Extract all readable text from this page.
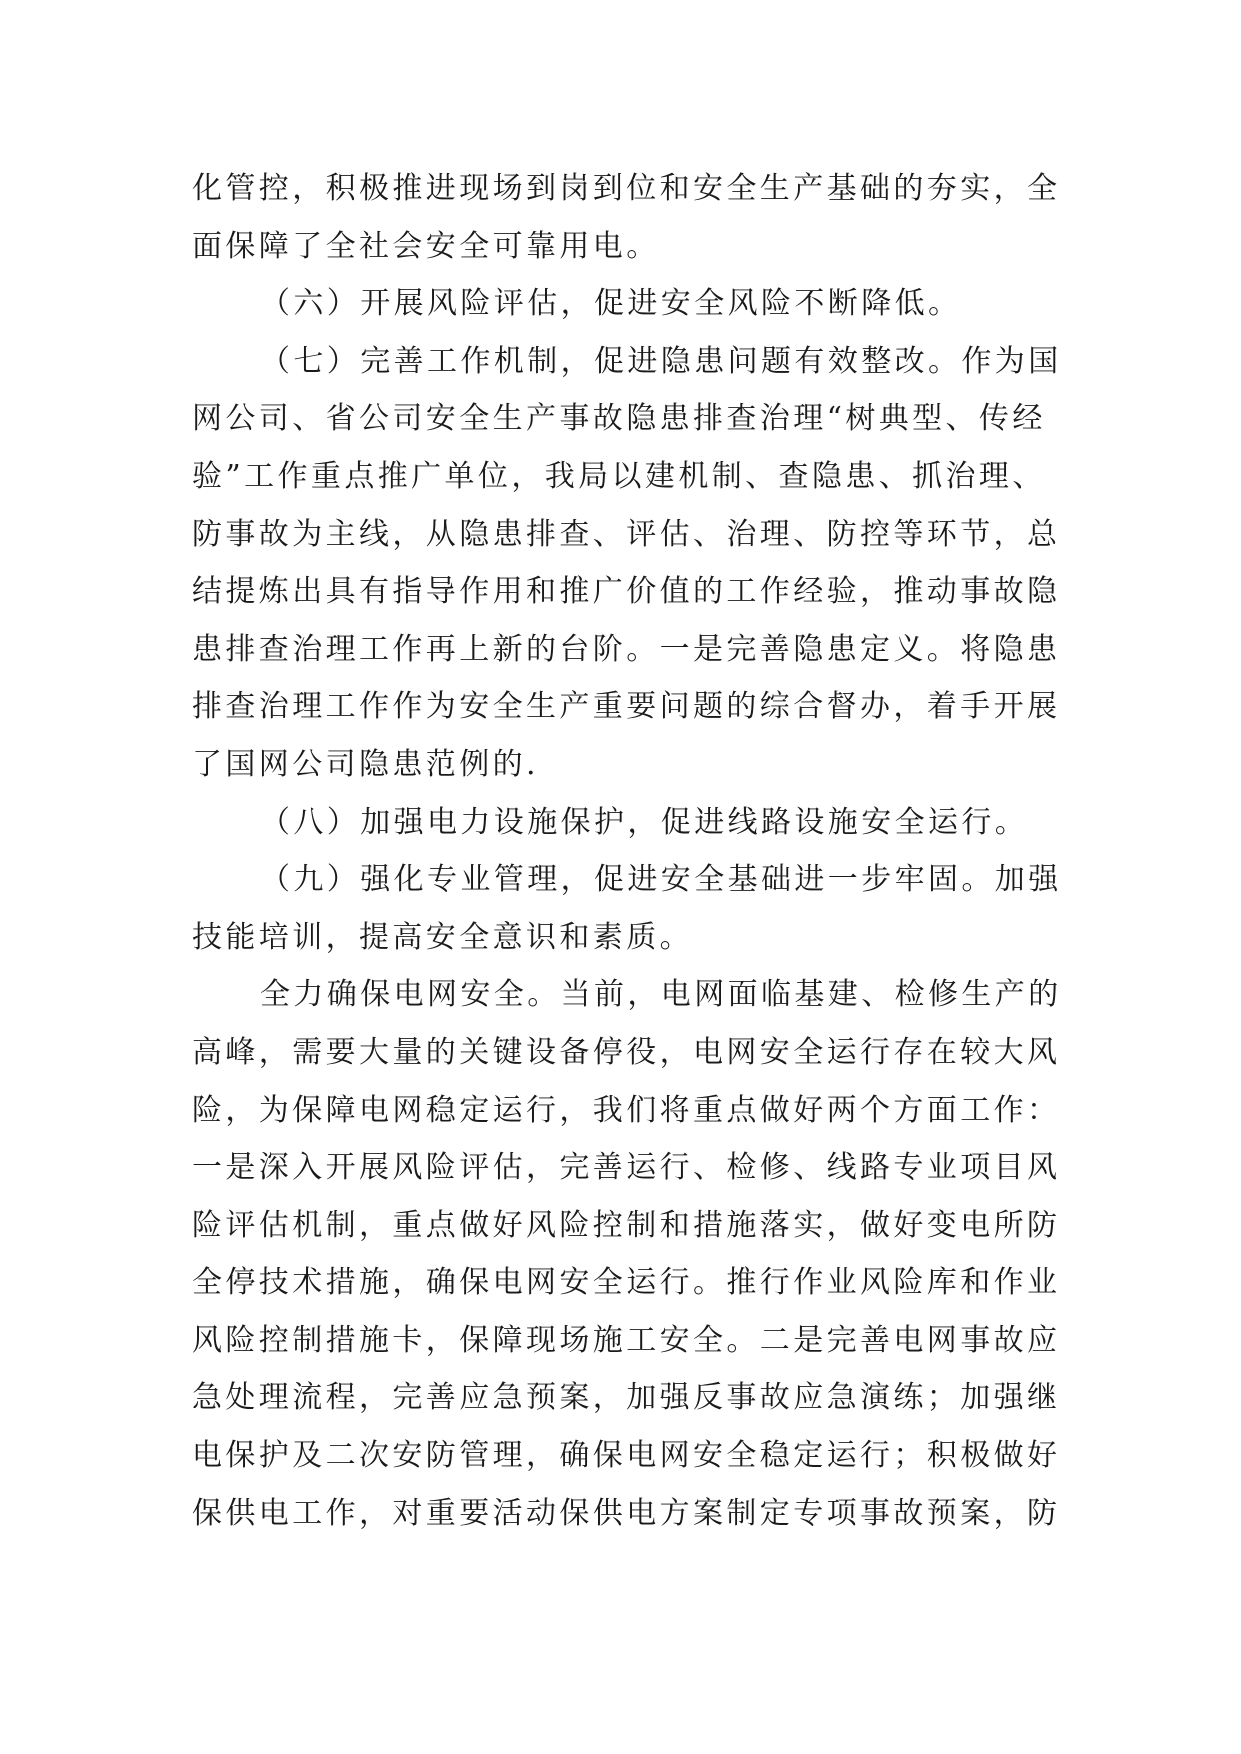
化管控，积极推进现场到岗到位和安全生产基础的夯实，全
面保障了全社会安全可靠用电。
（六）开展风险评估，促进安全风险不断降低。
（七）完善工作机制，促进隐患问题有效整改。作为国
网公司、省公司安全生产事故隐患排查治理“树典型、传经
验”工作重点推广单位，我局以建机制、查隐患、抓治理、
防事故为主线，从隐患排查、评估、治理、防控等环节，总
结提炼出具有指导作用和推广价值的工作经验，推动事故隐
患排查治理工作再上新的台阶。一是完善隐患定义。将隐患
排查治理工作作为安全生产重要问题的综合督办，着手开展
了国网公司隐患范例的.
（八）加强电力设施保护，促进线路设施安全运行。
（九）强化专业管理，促进安全基础进一步牢固。加强
技能培训，提高安全意识和素质。
全力确保电网安全。当前，电网面临基建、检修生产的
高峰，需要大量的关键设备停役，电网安全运行存在较大风
险，为保障电网稳定运行，我们将重点做好两个方面工作：
一是深入开展风险评估，完善运行、检修、线路专业项目风
险评估机制，重点做好风险控制和措施落实，做好变电所防
全停技术措施，确保电网安全运行。推行作业风险库和作业
风险控制措施卡，保障现场施工安全。二是完善电网事故应
急处理流程，完善应急预案，加强反事故应急演练；加强继
电保护及二次安防管理，确保电网安全稳定运行；积极做好
保供电工作，对重要活动保供电方案制定专项事故预案，防
